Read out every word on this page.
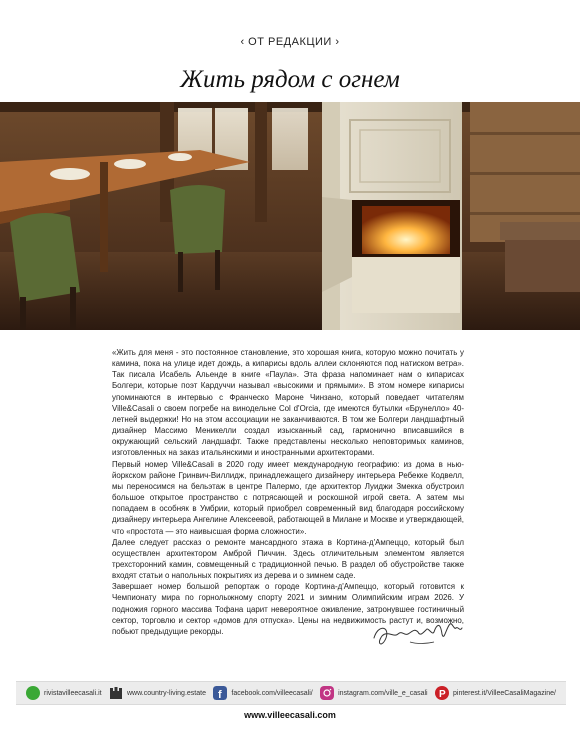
‹ ОТ РЕДАКЦИИ ›
Жить рядом с огнем

«Жить для меня - это постоянное становление, это хорошая книга, которую можно почитать у камина, пока на улице идет дождь, а кипарисы вдоль аллеи склоняются под натиском ветра». Так писала Исабель Альенде в книге «Паула». Эта фраза напоминает нам о кипарисах Болгери, которые поэт Кардуччи называл «высокими и прямыми». В этом номере кипарисы упоминаются в интервью с Франческо Мароне Чинзано, который поведает читателям Ville&Casali о своем погребе на винодельне Col d'Orcia, где имеются бутылки «Брунелло» 40-летней выдержки! Но на этом ассоциации не заканчиваются. В том же Болгери ландшафтный дизайнер Массимо Меникелли создал изысканный сад, гармонично вписавшийся в окружающий сельский ландшафт. Также представлены несколько неповторимых каминов, изготовленных на заказ итальянскими и иностранными архитекторами.

Первый номер Ville&Casali в 2020 году имеет международную географию: из дома в нью-йоркском районе Гринвич-Виллидж, принадлежащего дизайнеру интерьера Ребекке Кодвелл, мы переносимся на бельэтаж в центре Палермо, где архитектор Луиджи Змекка обустроил большое открытое пространство с потрясающей и роскошной игрой света. А затем мы попадаем в особняк в Умбрии, который приобрел современный вид благодаря российскому дизайнеру интерьера Ангелине Алексеевой, работающей в Милане и Москве и утверждающей, что «простота — это наивысшая форма сложности».

Далее следует рассказ о ремонте мансардного этажа в Кортина-д'Ампеццо, который был осуществлен архитектором Амброй Пиччин. Здесь отличительным элементом является трехсторонний камин, совмещенный с традиционной печью. В раздел об обустройстве также входят статьи о напольных покрытиях из дерева и о зимнем саде.

Завершает номер большой репортаж о городе Кортина-д'Ампеццо, который готовится к Чемпионату мира по горнолыжному спорту 2021 и зимним Олимпийским играм 2026. У подножия горного массива Тофана царит невероятное оживление, затронувшее гостиничный сектор, торговлю и сектор «домов для отпуска». Цены на недвижимость растут и, возможно, побьют предыдущие рекорды.

rivistavilleecasali.it	www.country-living.estate f facebook.com/villeecasali/	instagram.com/ville_e_casali P pinterest.it/VilleeCasaliMagazine/
www.villeecasali.com
